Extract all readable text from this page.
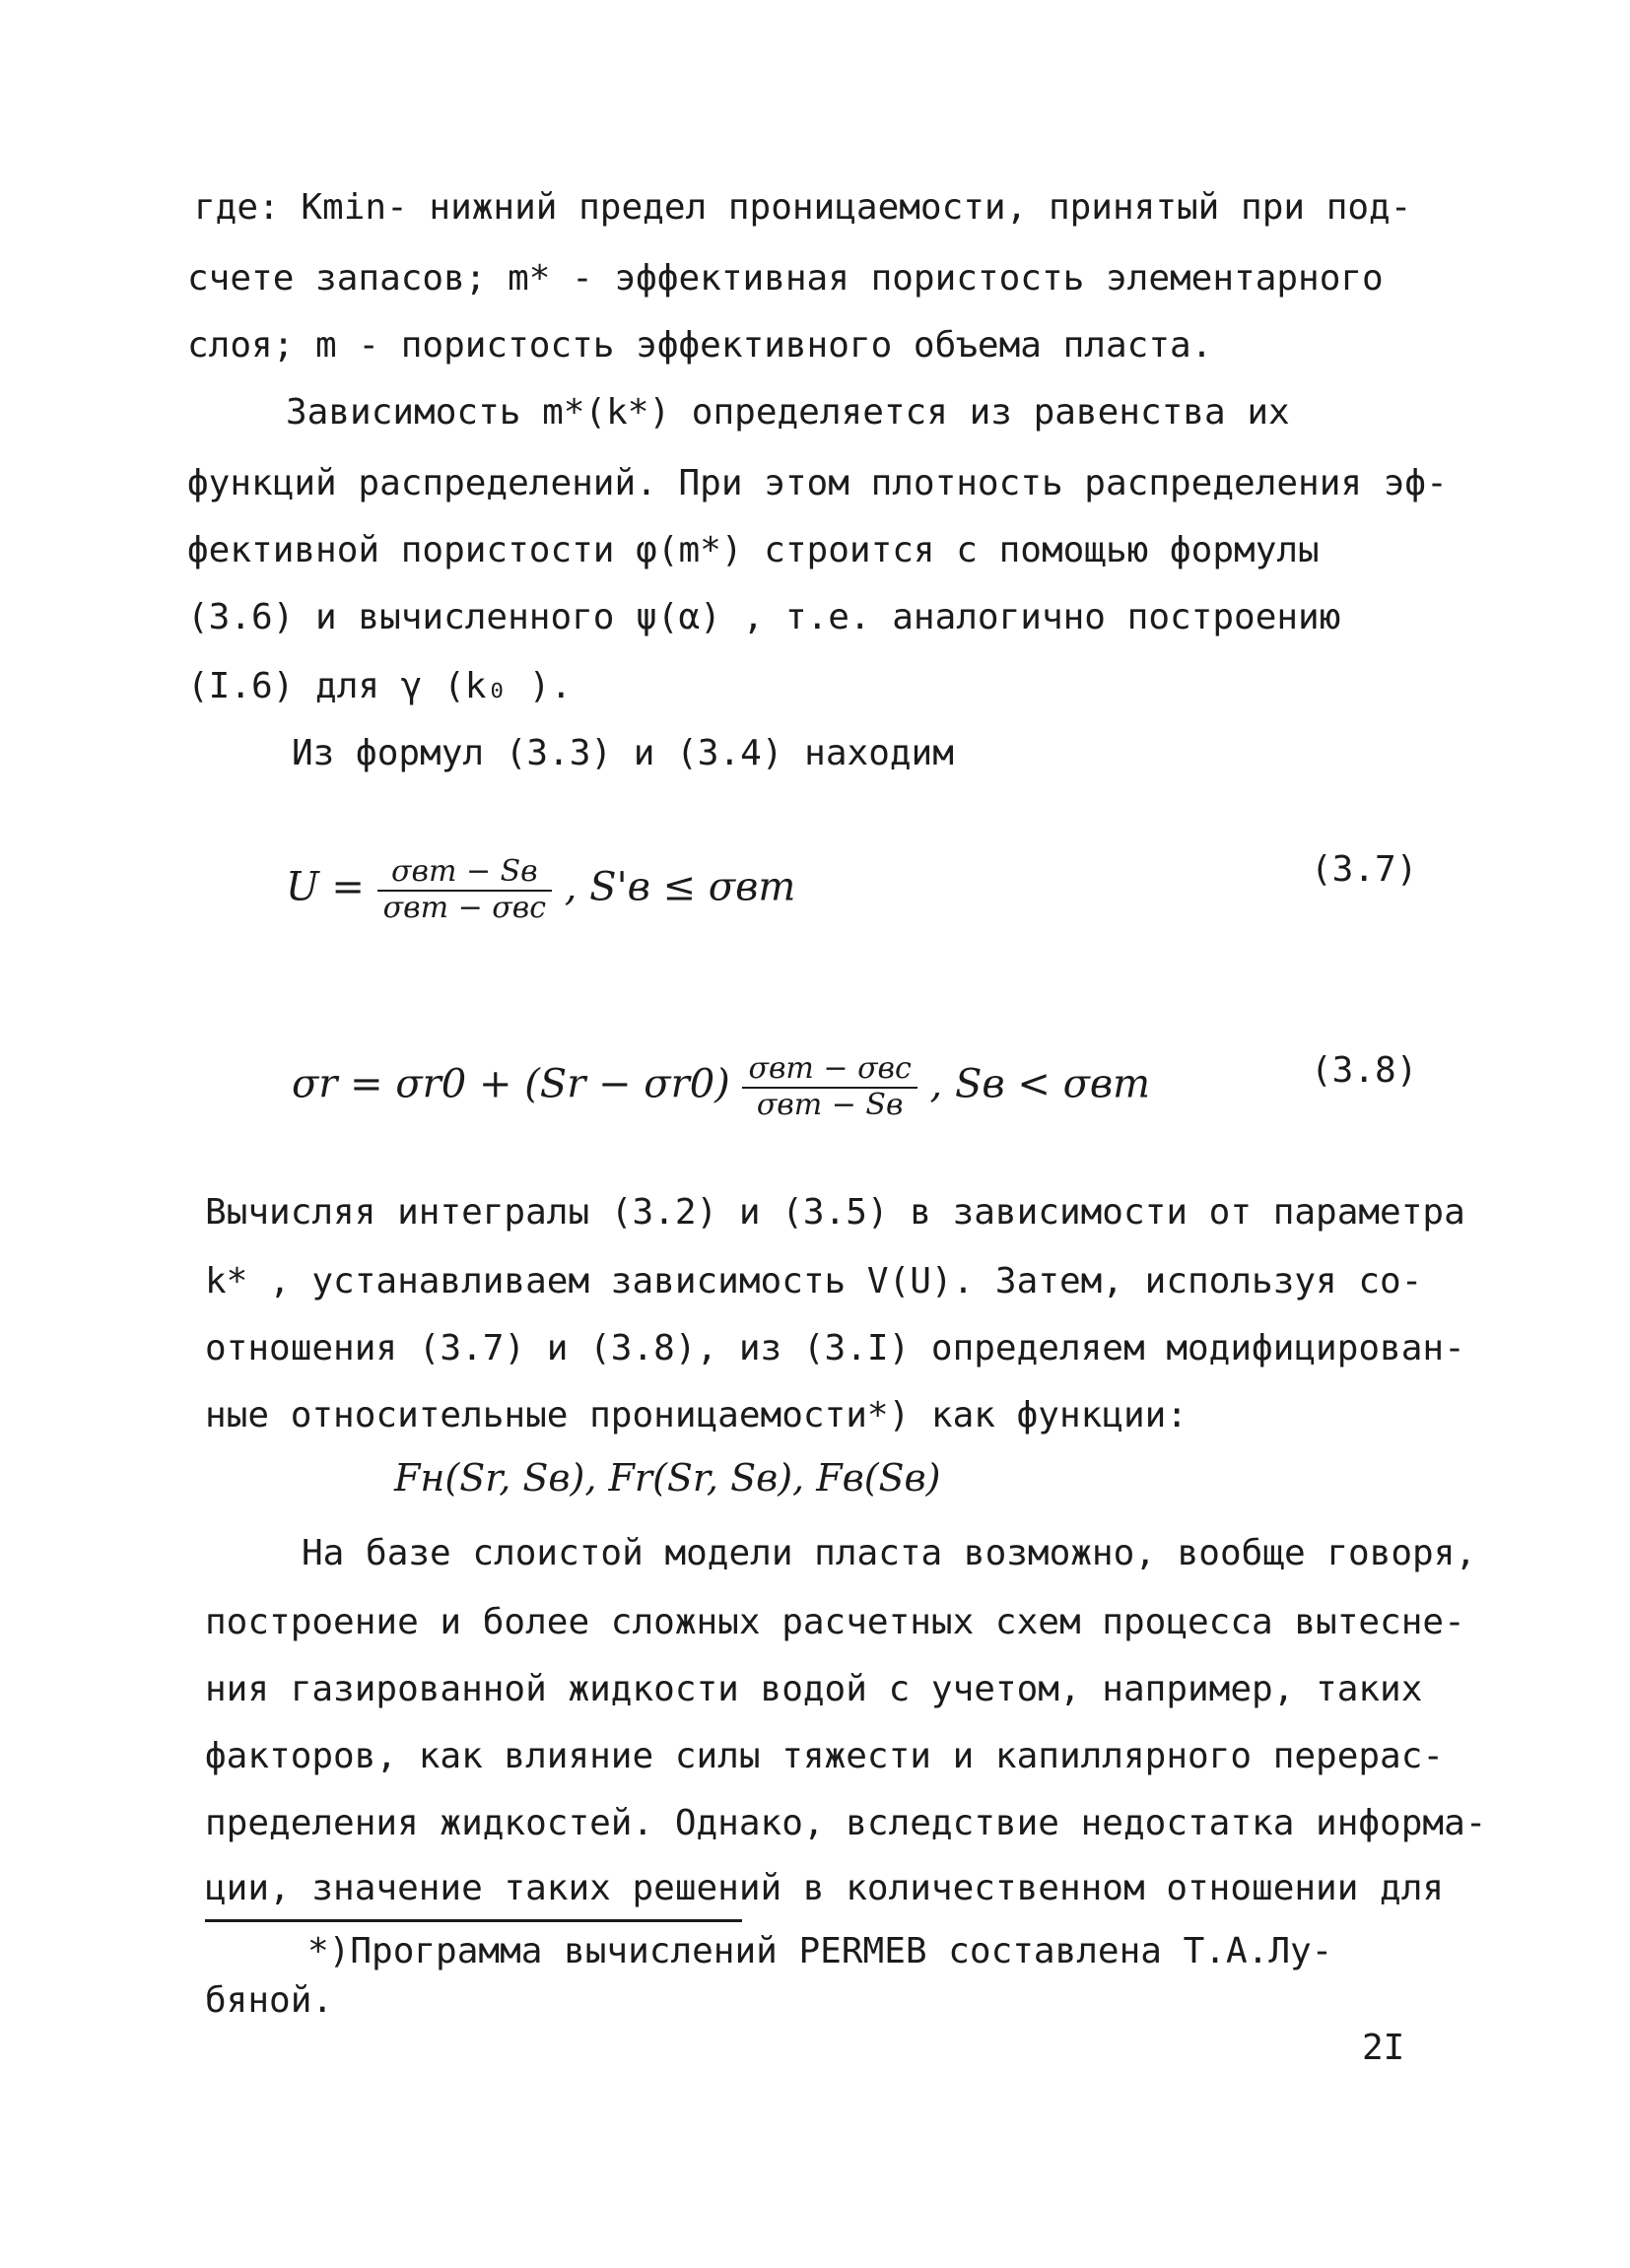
где: Kmin- нижний предел проницаемости, принятый при под-
счете запасов; m* - эффективная пористость элементарного
слоя; m - пористость эффективного объема пласта.
Зависимость m*(k*) определяется из равенства их
функций распределений. При этом плотность распределения эф-
фективной пористости φ(m*) строится с помощью формулы
(3.6) и вычисленного ψ(α) , т.е. аналогично построению
(I.6) для γ (k₀ ).
Из формул (3.3) и (3.4) находим
$U = \frac{\text{σвm − Sв}}{\text{σвm − σвc}}$ , S'в ≤ σвm	(3.7)
$\sigma r = \sigma r0 + (Sr - \sigma r0) \frac{\text{σвm − σвc}}{\text{σвm − Sв}}$ , Sв < σвm	(3.8)
Вычисляя интегралы (3.2) и (3.5) в зависимости от параметра
k* , устанавливаем зависимость V(U). Затем, используя со-
отношения (3.7) и (3.8), из (3.I) определяем модифицирован-
ные относительные проницаемости*) как функции:
Fн(Sr, Sв), Fr(Sr, Sв), Fв(Sв)
На базе слоистой модели пласта возможно, вообще говоря,
построение и более сложных расчетных схем процесса вытесне-
ния газированной жидкости водой с учетом, например, таких
факторов, как влияние силы тяжести и капиллярного перерас-
пределения жидкостей. Однако, вследствие недостатка информа-
ции, значение таких решений в количественном отношении для
*)Программа вычислений PERMEB составлена Т.А.Лу-
бяной.
2I
